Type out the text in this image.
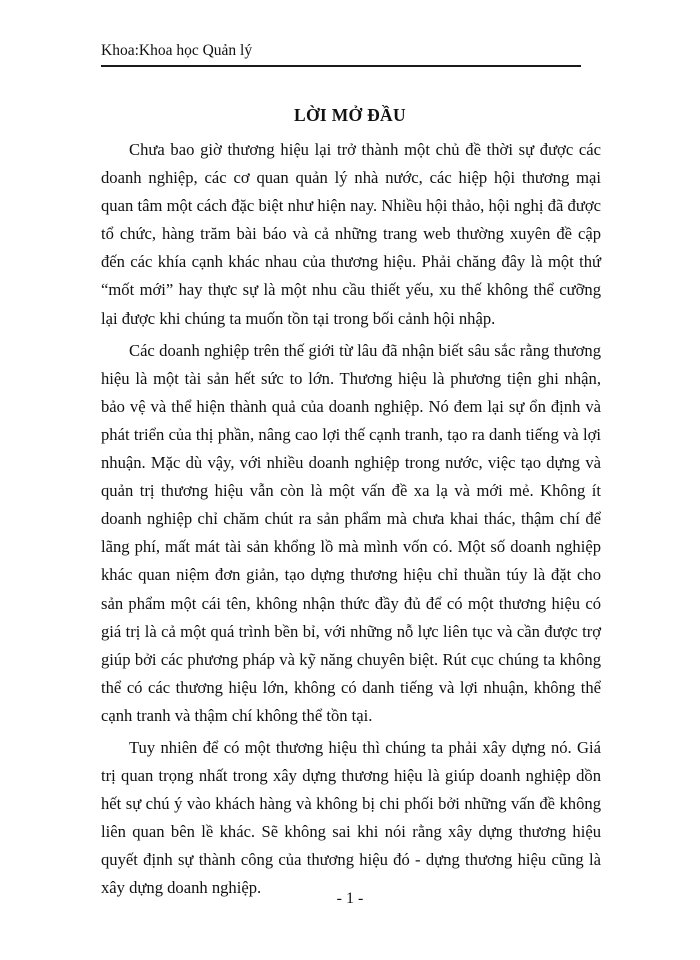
Khoa:Khoa học Quản lý
LỜI MỞ ĐẦU

Chưa bao giờ thương hiệu lại trở thành một chủ đề thời sự được các doanh nghiệp, các cơ quan quản lý nhà nước, các hiệp hội thương mại quan tâm một cách đặc biệt như hiện nay. Nhiều hội thảo, hội nghị đã được tổ chức, hàng trăm bài báo và cả những trang web thường xuyên đề cập đến các khía cạnh khác nhau của thương hiệu. Phải chăng đây là một thứ “mốt mới” hay thực sự là một nhu cầu thiết yếu, xu thế không thể cưỡng lại được khi chúng ta muốn tồn tại trong bối cảnh hội nhập.

Các doanh nghiệp trên thế giới từ lâu đã nhận biết sâu sắc rằng thương hiệu là một tài sản hết sức to lớn. Thương hiệu là phương tiện ghi nhận, bảo vệ và thể hiện thành quả của doanh nghiệp. Nó đem lại sự ổn định và phát triển của thị phần, nâng cao lợi thế cạnh tranh, tạo ra danh tiếng và lợi nhuận. Mặc dù vậy, với nhiều doanh nghiệp trong nước, việc tạo dựng và quản trị thương hiệu vẫn còn là một vấn đề xa lạ và mới mẻ. Không ít doanh nghiệp chỉ chăm chút ra sản phẩm mà chưa khai thác, thậm chí để lãng phí, mất mát tài sản khổng lồ mà mình vốn có. Một số doanh nghiệp khác quan niệm đơn giản, tạo dựng thương hiệu chỉ thuần túy là đặt cho sản phẩm một cái tên, không nhận thức đầy đủ để có một thương hiệu có giá trị là cả một quá trình bền bỉ, với những nỗ lực liên tục và cần được trợ giúp bởi các phương pháp và kỹ năng chuyên biệt. Rút cục chúng ta không thể có các thương hiệu lớn, không có danh tiếng và lợi nhuận, không thể cạnh tranh và thậm chí không thể tồn tại.

Tuy nhiên để có một thương hiệu thì chúng ta phải xây dựng nó. Giá trị quan trọng nhất trong xây dựng thương hiệu là giúp doanh nghiệp dồn hết sự chú ý vào khách hàng và không bị chi phối bởi những vấn đề không liên quan bên lề khác. Sẽ không sai khi nói rằng xây dựng thương hiệu quyết định sự thành công của thương hiệu đó - dựng thương hiệu cũng là xây dựng doanh nghiệp.

- 1 -
